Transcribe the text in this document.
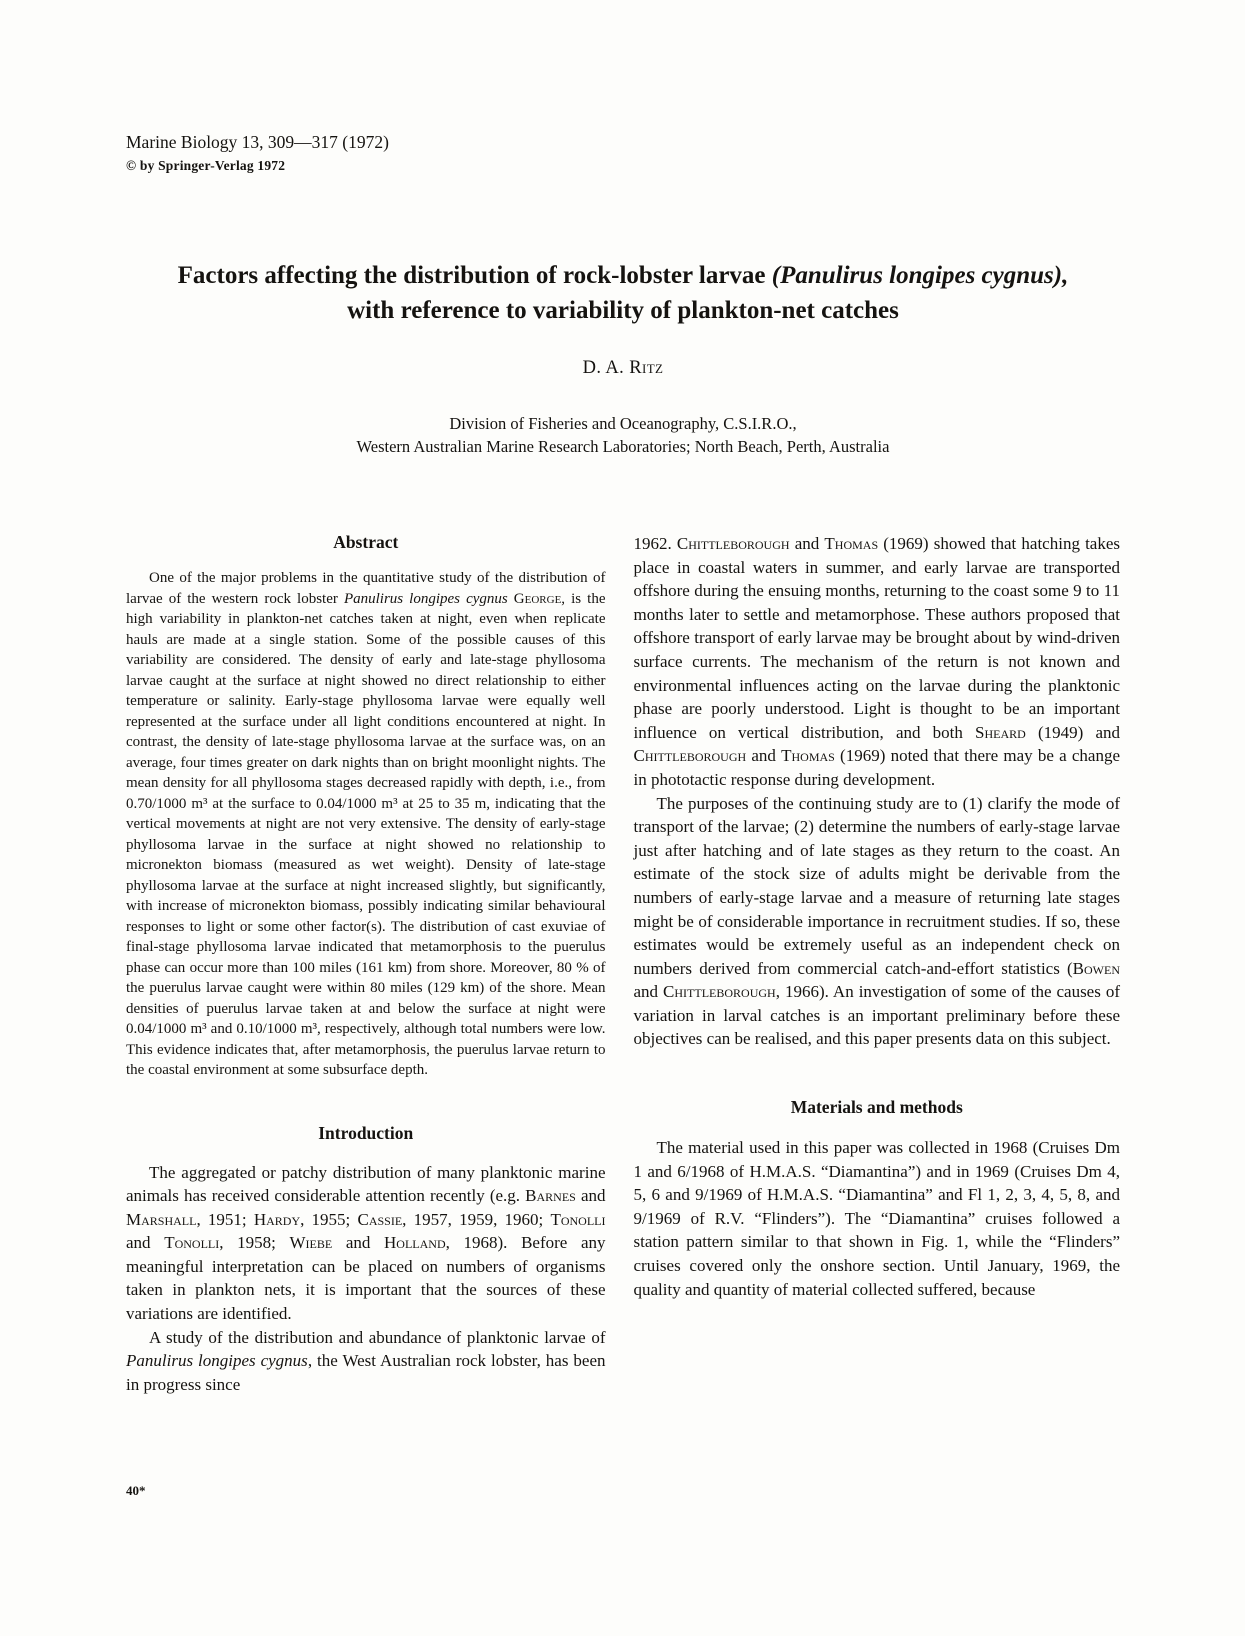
Marine Biology 13, 309—317 (1972)
© by Springer-Verlag 1972
Factors affecting the distribution of rock-lobster larvae (Panulirus longipes cygnus),
with reference to variability of plankton-net catches
D. A. Ritz
Division of Fisheries and Oceanography, C.S.I.R.O.,
Western Australian Marine Research Laboratories; North Beach, Perth, Australia
Abstract

One of the major problems in the quantitative study of the distribution of larvae of the western rock lobster Panulirus longipes cygnus George, is the high variability in plankton-net catches taken at night, even when replicate hauls are made at a single station. Some of the possible causes of this variability are considered. The density of early and late-stage phyllosoma larvae caught at the surface at night showed no direct relationship to either temperature or salinity. Early-stage phyllosoma larvae were equally well represented at the surface under all light conditions encountered at night. In contrast, the density of late-stage phyllosoma larvae at the surface was, on an average, four times greater on dark nights than on bright moonlight nights. The mean density for all phyllosoma stages decreased rapidly with depth, i.e., from 0.70/1000 m³ at the surface to 0.04/1000 m³ at 25 to 35 m, indicating that the vertical movements at night are not very extensive. The density of early-stage phyllosoma larvae in the surface at night showed no relationship to micronekton biomass (measured as wet weight). Density of late-stage phyllosoma larvae at the surface at night increased slightly, but significantly, with increase of micronekton biomass, possibly indicating similar behavioural responses to light or some other factor(s). The distribution of cast exuviae of final-stage phyllosoma larvae indicated that metamorphosis to the puerulus phase can occur more than 100 miles (161 km) from shore. Moreover, 80 % of the puerulus larvae caught were within 80 miles (129 km) of the shore. Mean densities of puerulus larvae taken at and below the surface at night were 0.04/1000 m³ and 0.10/1000 m³, respectively, although total numbers were low. This evidence indicates that, after metamorphosis, the puerulus larvae return to the coastal environment at some subsurface depth.

Introduction

The aggregated or patchy distribution of many planktonic marine animals has received considerable attention recently (e.g. Barnes and Marshall, 1951; Hardy, 1955; Cassie, 1957, 1959, 1960; Tonolli and Tonolli, 1958; Wiebe and Holland, 1968). Before any meaningful interpretation can be placed on numbers of organisms taken in plankton nets, it is important that the sources of these variations are identified.

A study of the distribution and abundance of planktonic larvae of Panulirus longipes cygnus, the West Australian rock lobster, has been in progress since

1962. Chittleborough and Thomas (1969) showed that hatching takes place in coastal waters in summer, and early larvae are transported offshore during the ensuing months, returning to the coast some 9 to 11 months later to settle and metamorphose. These authors proposed that offshore transport of early larvae may be brought about by wind-driven surface currents. The mechanism of the return is not known and environmental influences acting on the larvae during the planktonic phase are poorly understood. Light is thought to be an important influence on vertical distribution, and both Sheard (1949) and Chittleborough and Thomas (1969) noted that there may be a change in phototactic response during development.

The purposes of the continuing study are to (1) clarify the mode of transport of the larvae; (2) determine the numbers of early-stage larvae just after hatching and of late stages as they return to the coast. An estimate of the stock size of adults might be derivable from the numbers of early-stage larvae and a measure of returning late stages might be of considerable importance in recruitment studies. If so, these estimates would be extremely useful as an independent check on numbers derived from commercial catch-and-effort statistics (Bowen and Chittleborough, 1966). An investigation of some of the causes of variation in larval catches is an important preliminary before these objectives can be realised, and this paper presents data on this subject.

Materials and methods

The material used in this paper was collected in 1968 (Cruises Dm 1 and 6/1968 of H.M.A.S. “Diamantina”) and in 1969 (Cruises Dm 4, 5, 6 and 9/1969 of H.M.A.S. “Diamantina” and Fl 1, 2, 3, 4, 5, 8, and 9/1969 of R.V. “Flinders”). The “Diamantina” cruises followed a station pattern similar to that shown in Fig. 1, while the “Flinders” cruises covered only the onshore section. Until January, 1969, the quality and quantity of material collected suffered, because

40*
